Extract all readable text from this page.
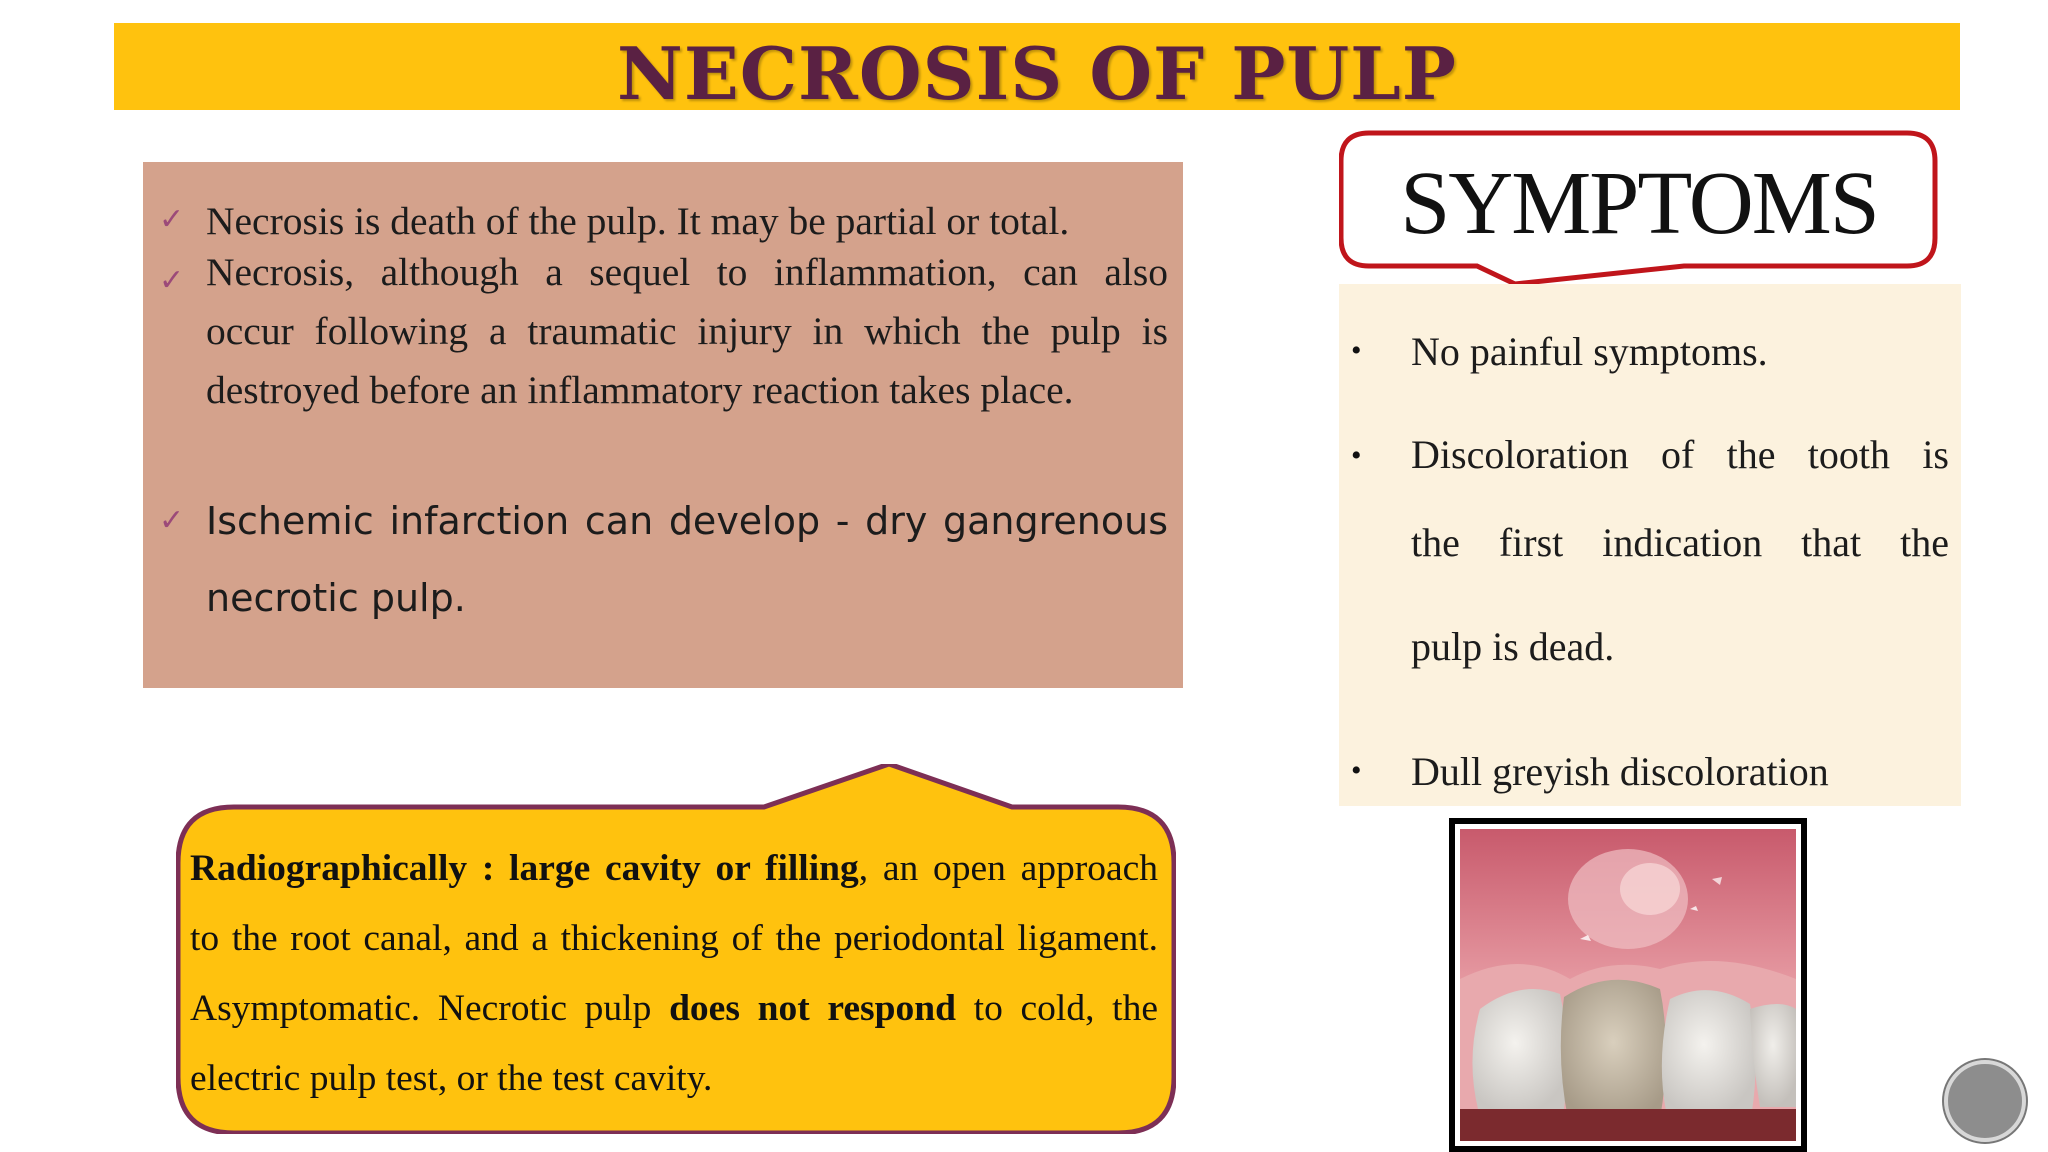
NECROSIS OF PULP
✓ Necrosis is death of the pulp. It may be partial or total.
✓ Necrosis, although a sequel to inflammation, can also
occur following a traumatic injury in which the pulp is
destroyed before an inflammatory reaction takes place.
✓ Ischemic infarction can develop - dry gangrenous
necrotic pulp.
Radiographically : large cavity or filling, an open approach
to the root canal, and a thickening of the periodontal ligament.
Asymptomatic. Necrotic pulp does not respond to cold, the
electric pulp test, or the test cavity.
SYMPTOMS
• No painful symptoms.
• Discoloration of the tooth is
the first indication that the
pulp is dead.
• Dull greyish discoloration
